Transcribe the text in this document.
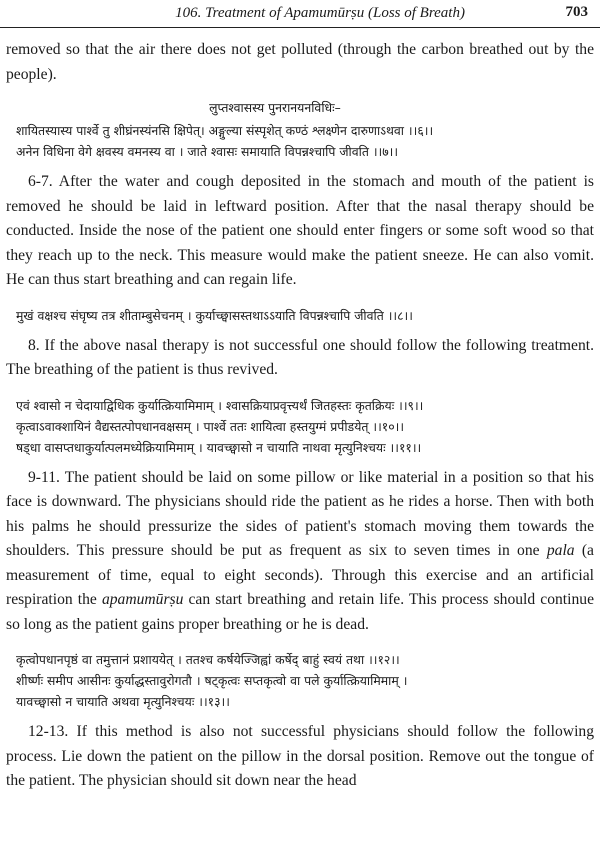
106. Treatment of Apamumūrṣu (Loss of Breath)	703

removed so that the air there does not get polluted (through the carbon breathed out by the people).

लुप्तश्वासस्य पुनरानयनविधिः–
शायितस्यास्य पार्श्वे तु शीघ्रंनस्यंनसि क्षिपेत्। अङ्गुल्या संस्पृशेत् कण्ठं श्लक्ष्णेन दारुणाऽथवा ।।६।।
अनेन विधिना वेगे क्षवस्य वमनस्य वा । जाते श्वासः समायाति विपन्नश्चापि जीवति ।।७।।

6-7. After the water and cough deposited in the stomach and mouth of the patient is removed he should be laid in leftward position. After that the nasal therapy should be conducted. Inside the nose of the patient one should enter fingers or some soft wood so that they reach up to the neck. This measure would make the patient sneeze. He can also vomit. He can thus start breathing and can regain life.

मुखं वक्षश्च संघृष्य तत्र शीताम्बुसेचनम् । कुर्याच्छ्वासस्तथाऽऽयाति विपन्नश्चापि जीवति ।।८।।

8. If the above nasal therapy is not successful one should follow the following treatment. The breathing of the patient is thus revived.

एवं श्वासो न चेदायाद्विधिक कुर्यात्क्रियामिमाम् । श्वासक्रियाप्रवृत्त्यर्थं जितहस्तः कृतक्रियः ।।९।।
कृत्वाऽवाक्शायिनं वैद्यस्तत्पोपधानवक्षसम् । पार्श्वे ततः शायित्वा हस्तयुग्मं प्रपीडयेत् ।।१०।।
षड्धा वासप्तधाकुर्यात्पलमध्येक्रियामिमाम् । यावच्छ्वासो न चायाति नाथवा मृत्युनिश्चयः ।।११।।

9-11. The patient should be laid on some pillow or like material in a position so that his face is downward. The physicians should ride the patient as he rides a horse. Then with both his palms he should pressurize the sides of patient's stomach moving them towards the shoulders. This pressure should be put as frequent as six to seven times in one pala (a measurement of time, equal to eight seconds). Through this exercise and an artificial respiration the apamumūrṣu can start breathing and retain life. This process should continue so long as the patient gains proper breathing or he is dead.

कृत्वोपधानपृष्ठं वा तमुत्तानं प्रशाययेत् । ततश्च कर्षयेज्जिह्वां कर्षेद् बाहुं स्वयं तथा ।।१२।।
शीर्ष्णः समीप आसीनः कुर्याद्धस्तावुरोगतौ । षट्कृत्वः सप्तकृत्वो वा पले कुर्यात्क्रियामिमाम् ।
यावच्छ्वासो न चायाति अथवा मृत्युनिश्चयः ।।१३।।

12-13. If this method is also not successful physicians should follow the following process. Lie down the patient on the pillow in the dorsal position. Remove out the tongue of the patient. The physician should sit down near the head
